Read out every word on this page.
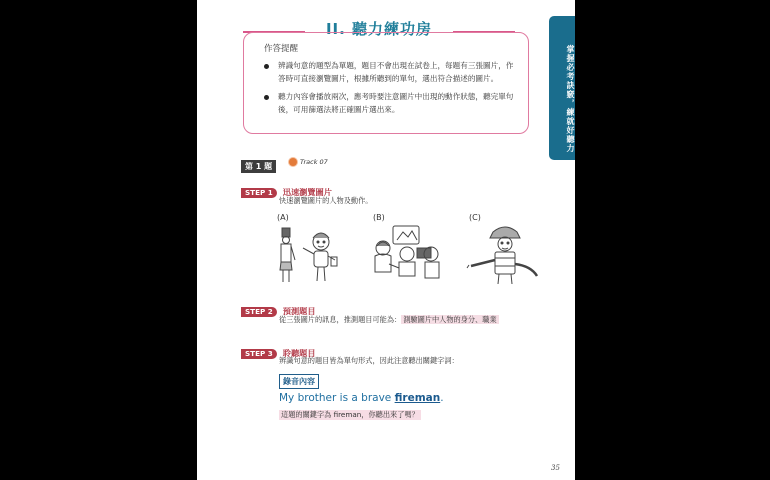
II. 聽力練功房
作答提醒
辨識句意的題型為單題，題目不會出現在試卷上，每題有三張圖片，作答時可直接瀏覽圖片，根據所聽到的單句，選出符合描述的圖片。
聽力內容會播放兩次，應考時要注意圖片中出現的動作狀態，聽完單句後，可用篩選法將正確圖片選出來。
第 1 題	Track 07
STEP 1 迅速瀏覽圖片
快速瀏覽圖片的人物及動作。
(A)	(B)	(C)
STEP 2 預測題目
從三張圖片的訊息，推測題目可能為： 測驗圖片中人物的身分、職業
STEP 3 聆聽題目
辨識句意的題目皆為單句形式，因此注意聽出關鍵字詞：
錄音內容
My brother is a brave fireman.
這題的關鍵字為 fireman，你聽出來了嗎？
35
掌握必考訣竅，練就好聽力
